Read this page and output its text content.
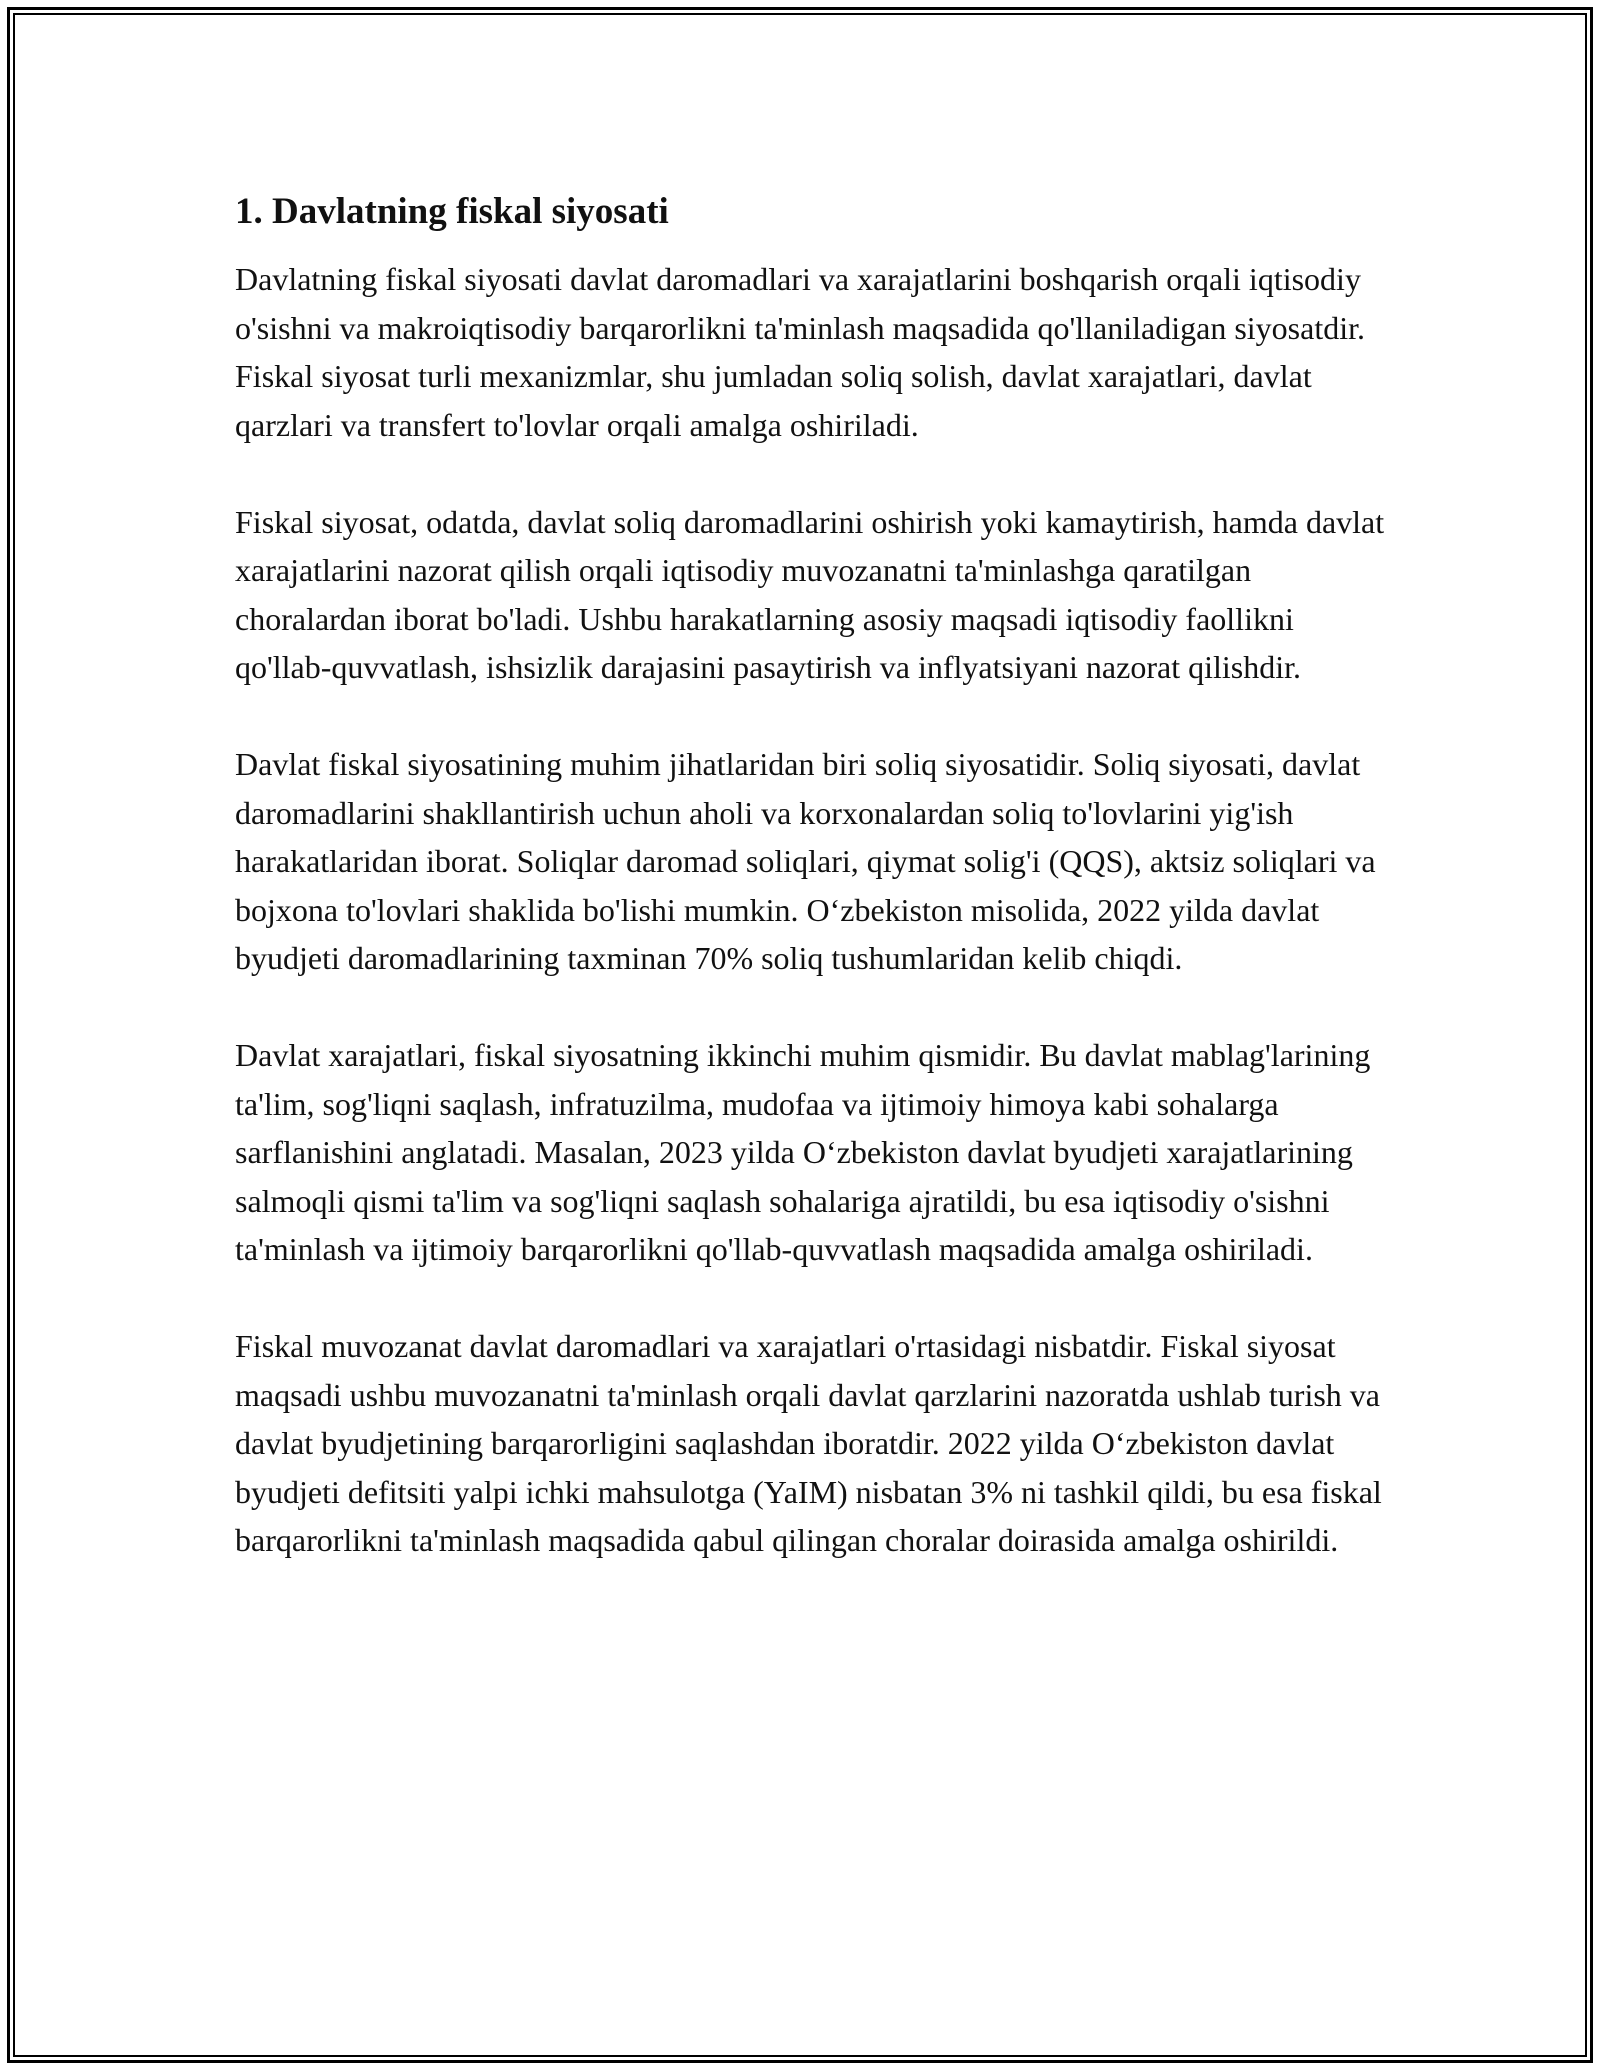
1. Davlatning fiskal siyosati

Davlatning fiskal siyosati davlat daromadlari va xarajatlarini boshqarish orqali iqtisodiy o'sishni va makroiqtisodiy barqarorlikni ta'minlash maqsadida qo'llaniladigan siyosatdir. Fiskal siyosat turli mexanizmlar, shu jumladan soliq solish, davlat xarajatlari, davlat qarzlari va transfert to'lovlar orqali amalga oshiriladi.

Fiskal siyosat, odatda, davlat soliq daromadlarini oshirish yoki kamaytirish, hamda davlat xarajatlarini nazorat qilish orqali iqtisodiy muvozanatni ta'minlashga qaratilgan choralardan iborat bo'ladi. Ushbu harakatlarning asosiy maqsadi iqtisodiy faollikni qo'llab-quvvatlash, ishsizlik darajasini pasaytirish va inflyatsiyani nazorat qilishdir.

Davlat fiskal siyosatining muhim jihatlaridan biri soliq siyosatidir. Soliq siyosati, davlat daromadlarini shakllantirish uchun aholi va korxonalardan soliq to'lovlarini yig'ish harakatlaridan iborat. Soliqlar daromad soliqlari, qiymat solig'i (QQS), aktsiz soliqlari va bojxona to'lovlari shaklida bo'lishi mumkin. O‘zbekiston misolida, 2022 yilda davlat byudjeti daromadlarining taxminan 70% soliq tushumlaridan kelib chiqdi.

Davlat xarajatlari, fiskal siyosatning ikkinchi muhim qismidir. Bu davlat mablag'larining ta'lim, sog'liqni saqlash, infratuzilma, mudofaa va ijtimoiy himoya kabi sohalarga sarflanishini anglatadi. Masalan, 2023 yilda O‘zbekiston davlat byudjeti xarajatlarining salmoqli qismi ta'lim va sog'liqni saqlash sohalariga ajratildi, bu esa iqtisodiy o'sishni ta'minlash va ijtimoiy barqarorlikni qo'llab-quvvatlash maqsadida amalga oshiriladi.

Fiskal muvozanat davlat daromadlari va xarajatlari o'rtasidagi nisbatdir. Fiskal siyosat maqsadi ushbu muvozanatni ta'minlash orqali davlat qarzlarini nazoratda ushlab turish va davlat byudjetining barqarorligini saqlashdan iboratdir. 2022 yilda O‘zbekiston davlat byudjeti defitsiti yalpi ichki mahsulotga (YaIM) nisbatan 3% ni tashkil qildi, bu esa fiskal barqarorlikni ta'minlash maqsadida qabul qilingan choralar doirasida amalga oshirildi.
